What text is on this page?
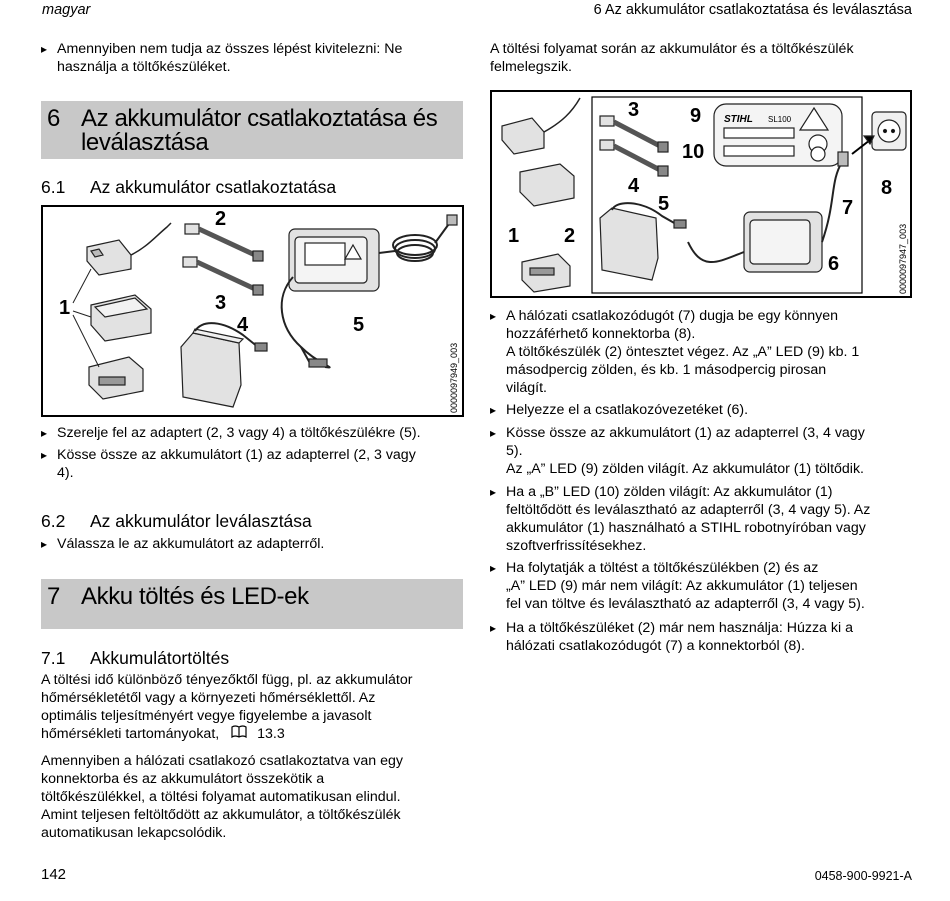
magyar	6 Az akkumulátor csatlakoztatása és leválasztása
▸ Amennyiben nem tudja az összes lépést kivitelezni: Ne
használja a töltőkészüléket.
6 Az akkumulátor csatlakoztatása és
leválasztása
6.1 Az akkumulátor csatlakoztatása
1
2
3
4	5
0000097949_003
▸ Szerelje fel az adaptert (2, 3 vagy 4) a töltőkészülékre (5).
▸ Kösse össze az akkumulátort (1) az adapterrel (2, 3 vagy
4).
6.2 Az akkumulátor leválasztása
▸ Válassza le az akkumulátort az adapterről.
7 Akku töltés és LED-ek
7.1 Akkumulátortöltés
A töltési idő különböző tényezőktől függ, pl. az akkumulátor
hőmérsékletétől vagy a környezeti hőmérséklettől. Az
optimális teljesítményért vegye figyelembe a javasolt
hőmérsékleti tartományokat,	13.3
Amennyiben a hálózati csatlakozó csatlakoztatva van egy
konnektorba és az akkumulátort összekötik a
töltőkészülékkel, a töltési folyamat automatikusan elindul.
Amint teljesen feltöltődött az akkumulátor, a töltőkészülék
automatikusan lekapcsolódik.
A töltési folyamat során az akkumulátor és a töltőkészülék
felmelegszik.
STIHL SL100
1 2
3
4
5
6
7
8
9
10
0000097947_003
▸ A hálózati csatlakozódugót (7) dugja be egy könnyen
hozzáférhető konnektorba (8).
A töltőkészülék (2) öntesztet végez. Az „A” LED (9) kb. 1
másodpercig zölden, és kb. 1 másodpercig pirosan
világít.
▸ Helyezze el a csatlakozóvezetéket (6).
▸ Kösse össze az akkumulátort (1) az adapterrel (3, 4 vagy
5).
Az „A” LED (9) zölden világít. Az akkumulátor (1) töltődik.
▸ Ha a „B” LED (10) zölden világít: Az akkumulátor (1)
feltöltődött és leválasztható az adapterről (3, 4 vagy 5). Az
akkumulátor (1) használható a STIHL robotnyíróban vagy
szoftverfrissítésekhez.
▸ Ha folytatják a töltést a töltőkészülékben (2) és az
„A” LED (9) már nem világít: Az akkumulátor (1) teljesen
fel van töltve és leválasztható az adapterről (3, 4 vagy 5).
▸ Ha a töltőkészüléket (2) már nem használja: Húzza ki a
hálózati csatlakozódugót (7) a konnektorból (8).
142	0458-900-9921-A
